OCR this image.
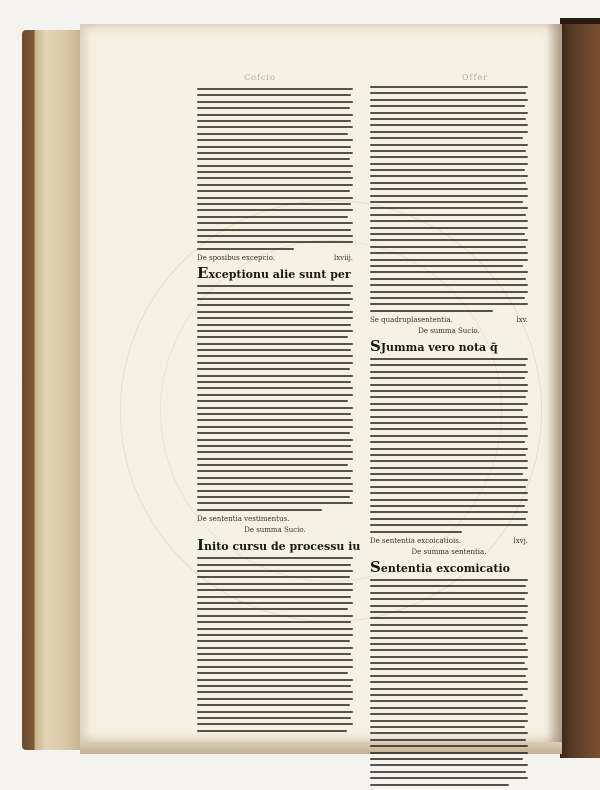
Cofcio	Offer
De sposibus excepcio.	lxviij.
Exceptionu alie sunt per
De sententia vestimentus.
De summa Sucio.
Inito cursu de processu iu
Se quadruplasententia.	lxv.
De summa Sucio.
SJumma vero nota q̃
De sententia excoicatiois.	lxvj.
De summa sententia.
Sententia excomicatio
